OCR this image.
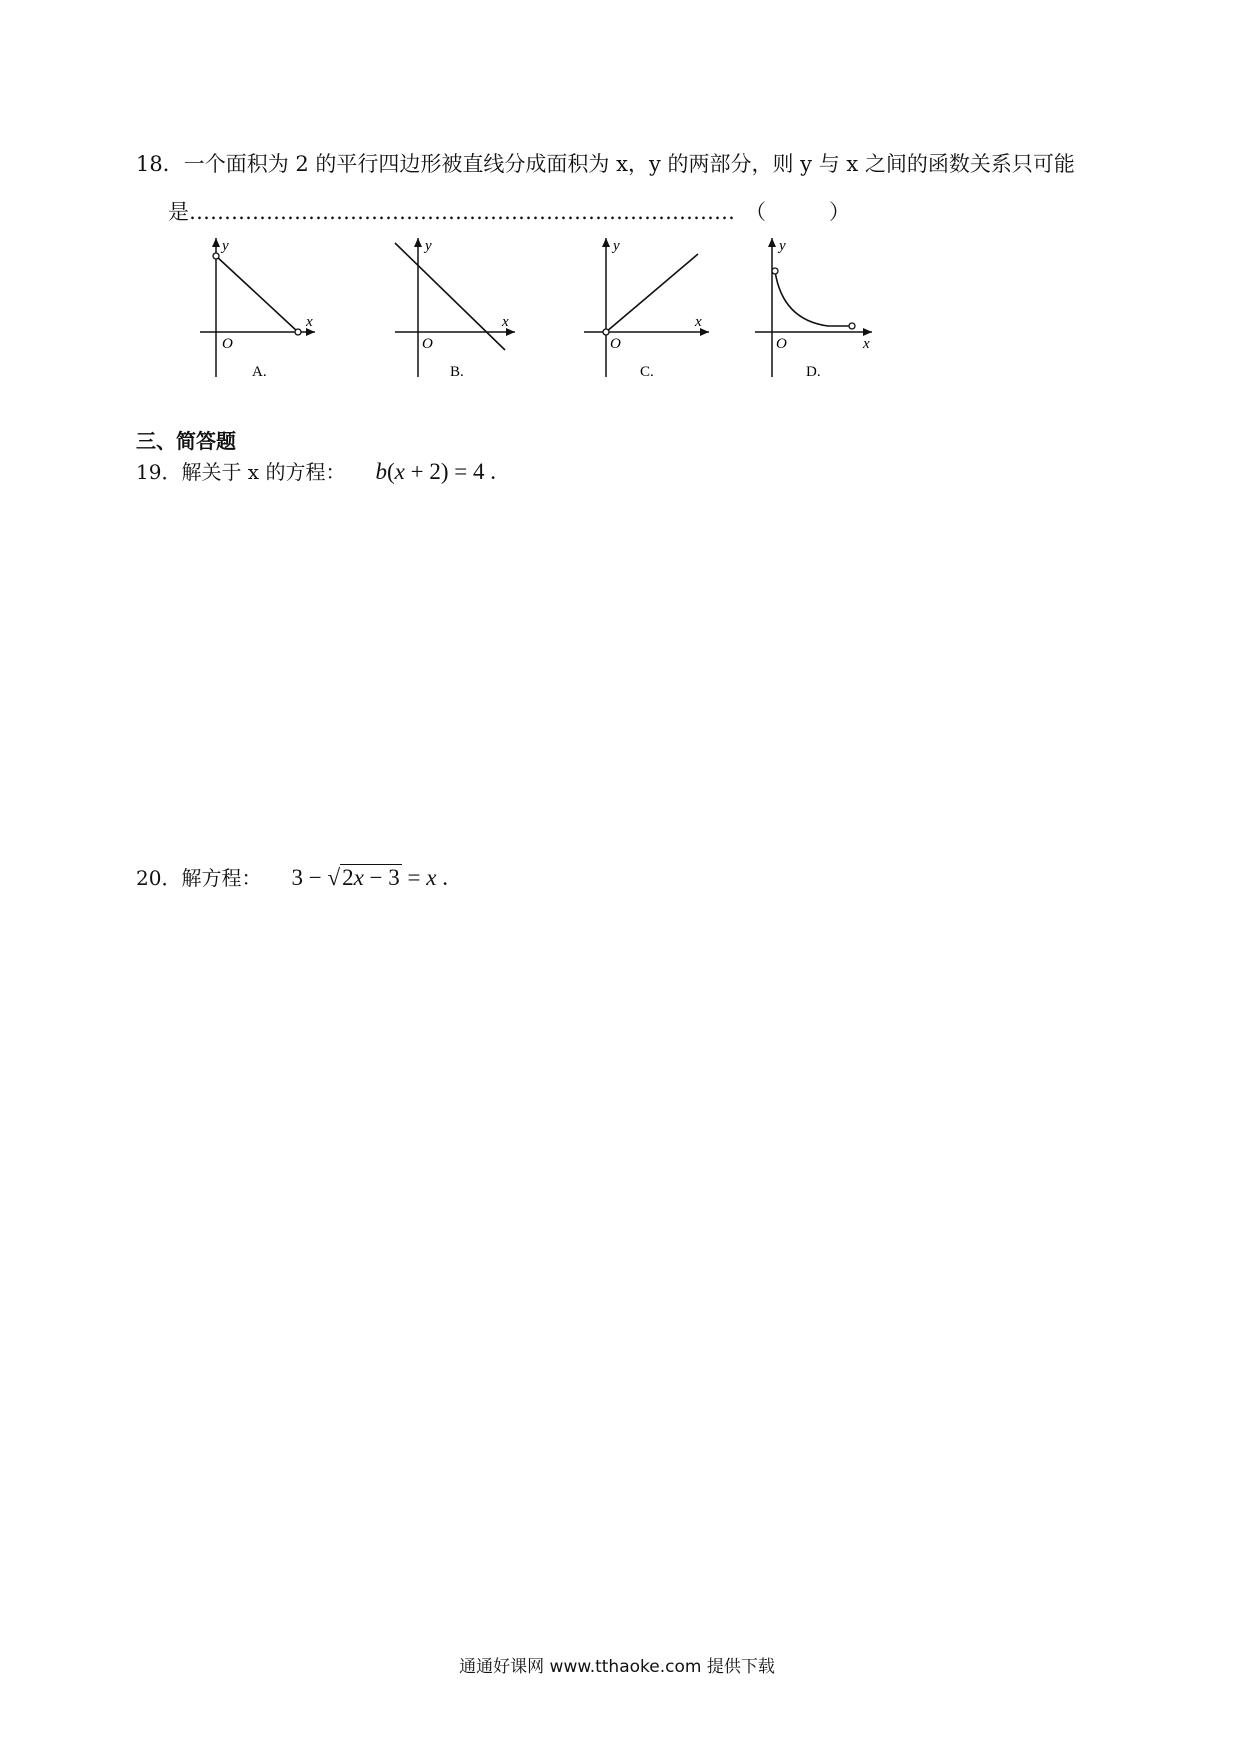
18．一个面积为 2 的平行四边形被直线分成面积为 x，y 的两部分，则 y 与 x 之间的函数关系只可能
是…………………………………………………………………… （　　　）
y
x
O
A.
y
x
O
B.
y
x
O
C.
y
x
O
D.
三、简答题
19．解关于 x 的方程： b(x + 2) = 4 .
20．解方程： 3 − √2x − 3 = x .
通通好课网 www.tthaoke.com 提供下载
